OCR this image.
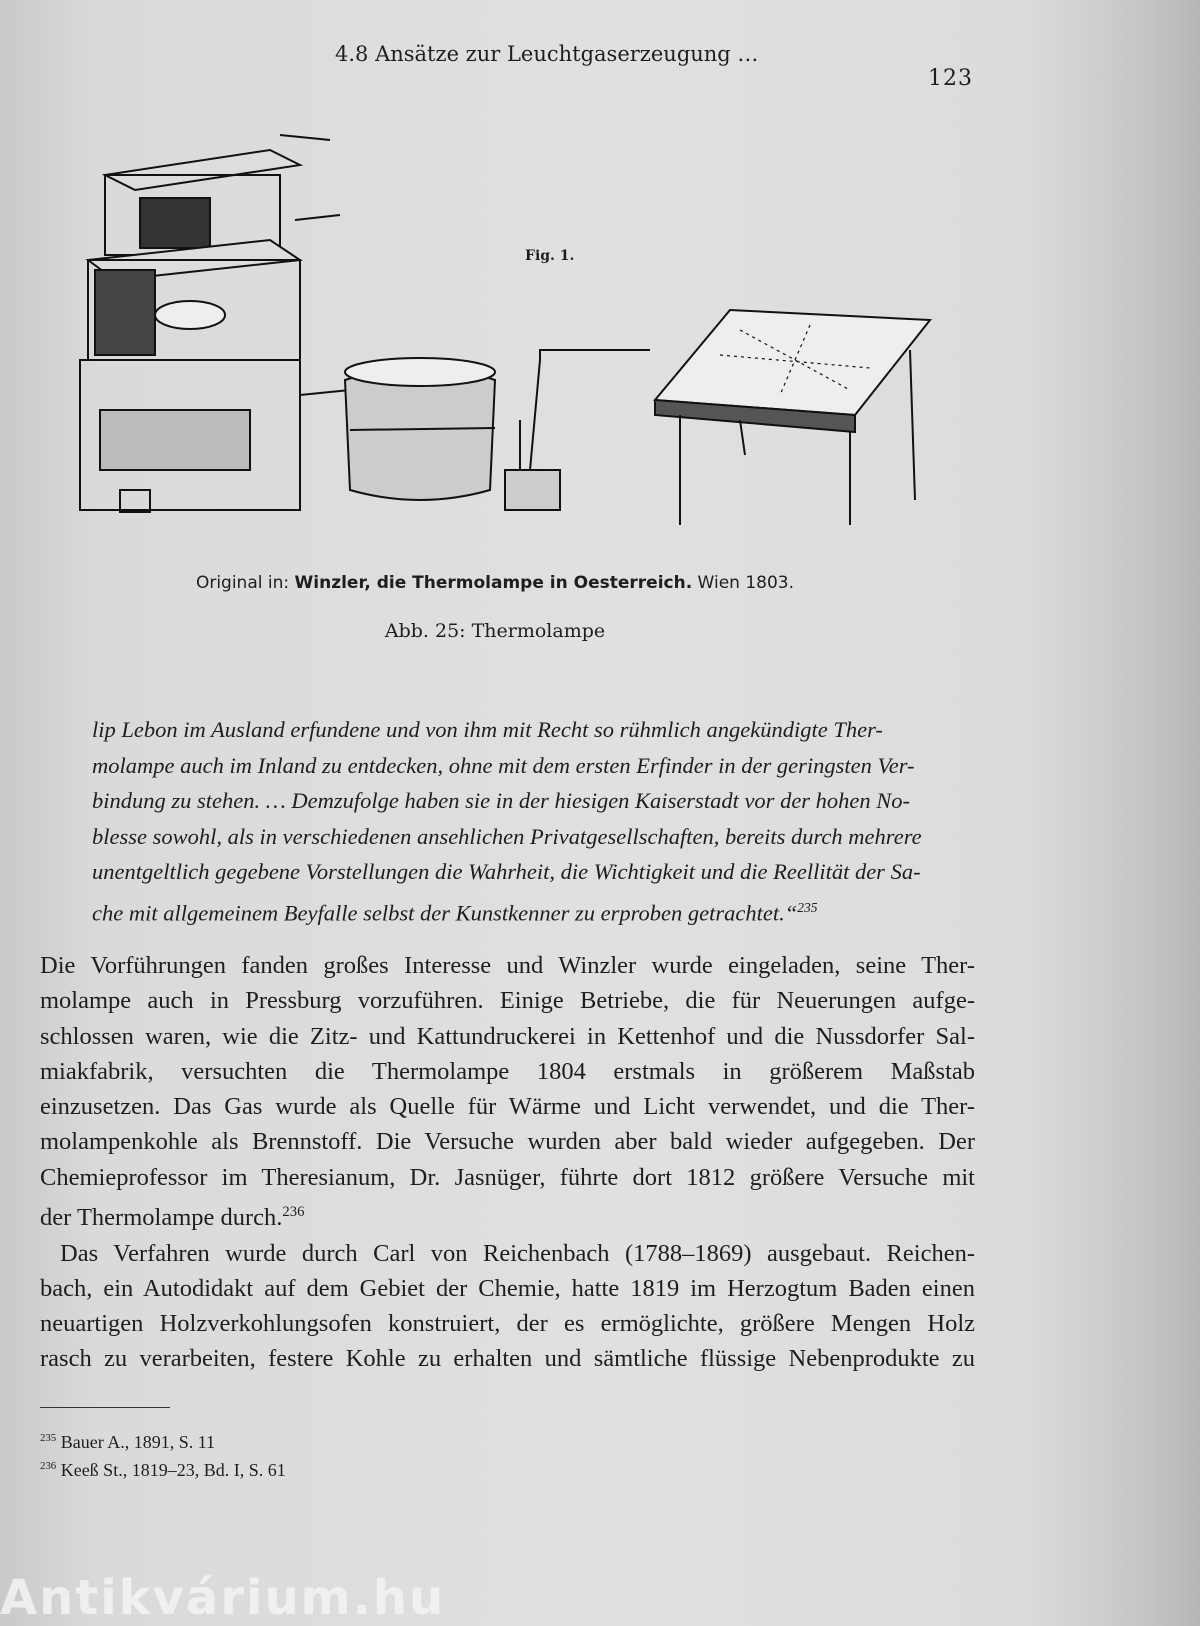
4.8 Ansätze zur Leuchtgaserzeugung …
123
Fig. 1.
Original in: Winzler, die Thermolampe in Oesterreich. Wien 1803.
Abb. 25: Thermolampe
lip Lebon im Ausland erfundene und von ihm mit Recht so rühmlich angekündigte Ther-
molampe auch im Inland zu entdecken, ohne mit dem ersten Erfinder in der geringsten Ver-
bindung zu stehen. … Demzufolge haben sie in der hiesigen Kaiserstadt vor der hohen No-
blesse sowohl, als in verschiedenen ansehlichen Privatgesellschaften, bereits durch mehrere
unentgeltlich gegebene Vorstellungen die Wahrheit, die Wichtigkeit und die Reellität der Sa-
che mit allgemeinem Beyfalle selbst der Kunstkenner zu erproben getrachtet.“$^{235}$
Die Vorführungen fanden großes Interesse und Winzler wurde eingeladen, seine Ther-
molampe auch in Pressburg vorzuführen. Einige Betriebe, die für Neuerungen aufge-
schlossen waren, wie die Zitz- und Kattundruckerei in Kettenhof und die Nussdorfer Sal-
miakfabrik, versuchten die Thermolampe 1804 erstmals in größerem Maßstab
einzusetzen. Das Gas wurde als Quelle für Wärme und Licht verwendet, und die Ther-
molampenkohle als Brennstoff. Die Versuche wurden aber bald wieder aufgegeben. Der
Chemieprofessor im Theresianum, Dr. Jasnüger, führte dort 1812 größere Versuche mit
der Thermolampe durch.$^{236}$
Das Verfahren wurde durch Carl von Reichenbach (1788–1869) ausgebaut. Reichen-
bach, ein Autodidakt auf dem Gebiet der Chemie, hatte 1819 im Herzogtum Baden einen
neuartigen Holzverkohlungsofen konstruiert, der es ermöglichte, größere Mengen Holz
rasch zu verarbeiten, festere Kohle zu erhalten und sämtliche flüssige Nebenprodukte zu
$^{235}$ Bauer A., 1891, S. 11
$^{236}$ Keeß St., 1819–23, Bd. I, S. 61
Antikvárium.hu
